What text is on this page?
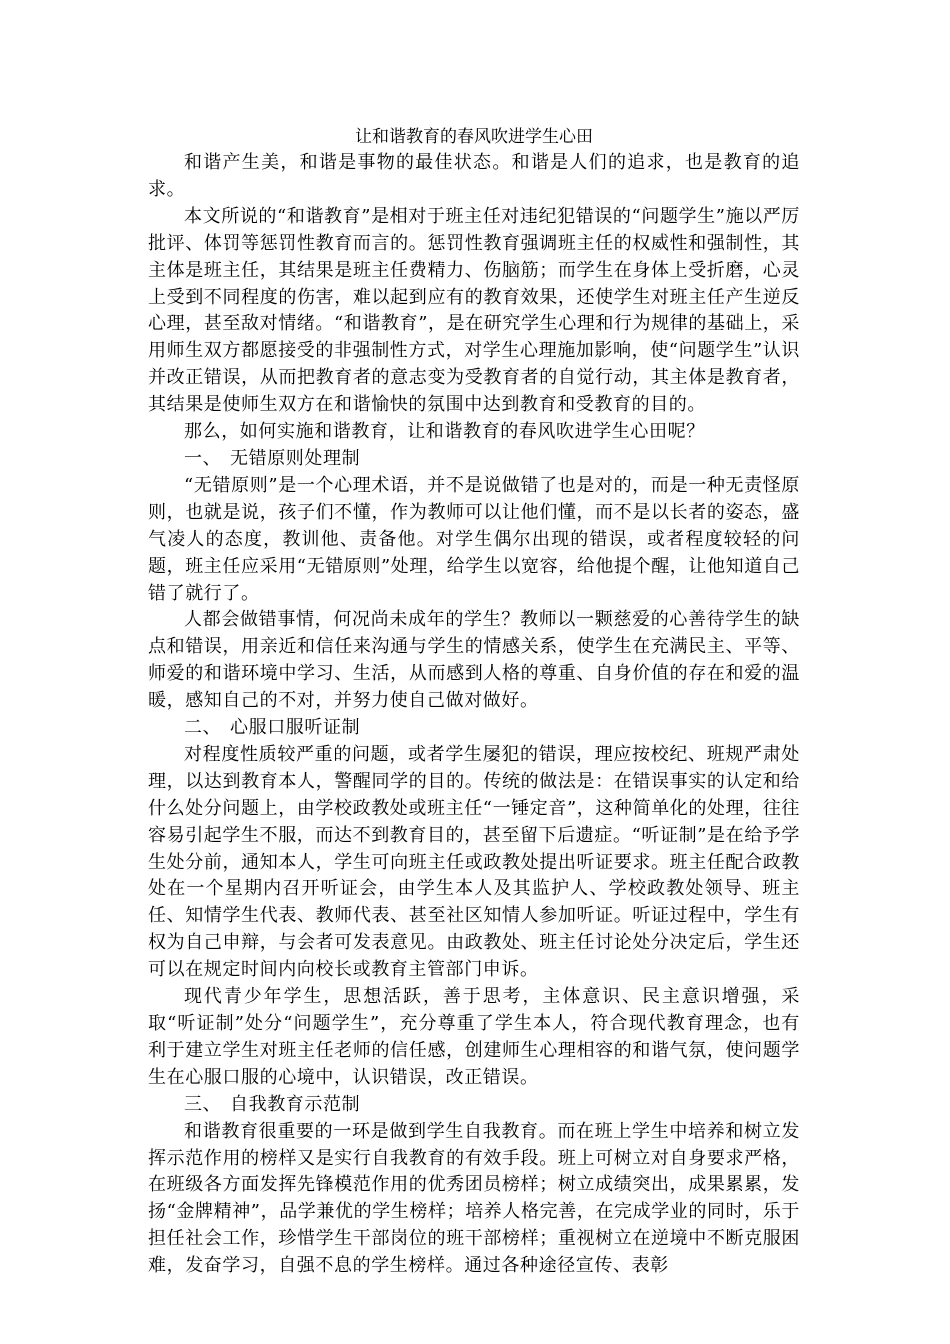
让和谐教育的春风吹进学生心田

和谐产生美，和谐是事物的最佳状态。和谐是人们的追求，也是教育的追求。

本文所说的“和谐教育”是相对于班主任对违纪犯错误的“问题学生”施以严厉批评、体罚等惩罚性教育而言的。惩罚性教育强调班主任的权威性和强制性，其主体是班主任，其结果是班主任费精力、伤脑筋；而学生在身体上受折磨，心灵上受到不同程度的伤害，难以起到应有的教育效果，还使学生对班主任产生逆反心理，甚至敌对情绪。“和谐教育”，是在研究学生心理和行为规律的基础上，采用师生双方都愿接受的非强制性方式，对学生心理施加影响，使“问题学生”认识并改正错误，从而把教育者的意志变为受教育者的自觉行动，其主体是教育者，其结果是使师生双方在和谐愉快的氛围中达到教育和受教育的目的。

那么，如何实施和谐教育，让和谐教育的春风吹进学生心田呢？

一、 无错原则处理制

“无错原则”是一个心理术语，并不是说做错了也是对的，而是一种无责怪原则，也就是说，孩子们不懂，作为教师可以让他们懂，而不是以长者的姿态，盛气凌人的态度，教训他、责备他。对学生偶尔出现的错误，或者程度较轻的问题，班主任应采用“无错原则”处理，给学生以宽容，给他提个醒，让他知道自己错了就行了。

人都会做错事情，何况尚未成年的学生？教师以一颗慈爱的心善待学生的缺点和错误，用亲近和信任来沟通与学生的情感关系，使学生在充满民主、平等、师爱的和谐环境中学习、生活，从而感到人格的尊重、自身价值的存在和爱的温暖，感知自己的不对，并努力使自己做对做好。

二、 心服口服听证制

对程度性质较严重的问题，或者学生屡犯的错误，理应按校纪、班规严肃处理，以达到教育本人，警醒同学的目的。传统的做法是：在错误事实的认定和给什么处分问题上，由学校政教处或班主任“一锤定音”，这种简单化的处理，往往容易引起学生不服，而达不到教育目的，甚至留下后遗症。“听证制”是在给予学生处分前，通知本人，学生可向班主任或政教处提出听证要求。班主任配合政教处在一个星期内召开听证会，由学生本人及其监护人、学校政教处领导、班主任、知情学生代表、教师代表、甚至社区知情人参加听证。听证过程中，学生有权为自己申辩，与会者可发表意见。由政教处、班主任讨论处分决定后，学生还可以在规定时间内向校长或教育主管部门申诉。

现代青少年学生，思想活跃，善于思考，主体意识、民主意识增强，采取“听证制”处分“问题学生”，充分尊重了学生本人，符合现代教育理念，也有利于建立学生对班主任老师的信任感，创建师生心理相容的和谐气氛，使问题学生在心服口服的心境中，认识错误，改正错误。

三、 自我教育示范制

和谐教育很重要的一环是做到学生自我教育。而在班上学生中培养和树立发挥示范作用的榜样又是实行自我教育的有效手段。班上可树立对自身要求严格，在班级各方面发挥先锋模范作用的优秀团员榜样；树立成绩突出，成果累累，发扬“金牌精神”，品学兼优的学生榜样；培养人格完善，在完成学业的同时，乐于担任社会工作，珍惜学生干部岗位的班干部榜样；重视树立在逆境中不断克服困难，发奋学习，自强不息的学生榜样。通过各种途径宣传、表彰
